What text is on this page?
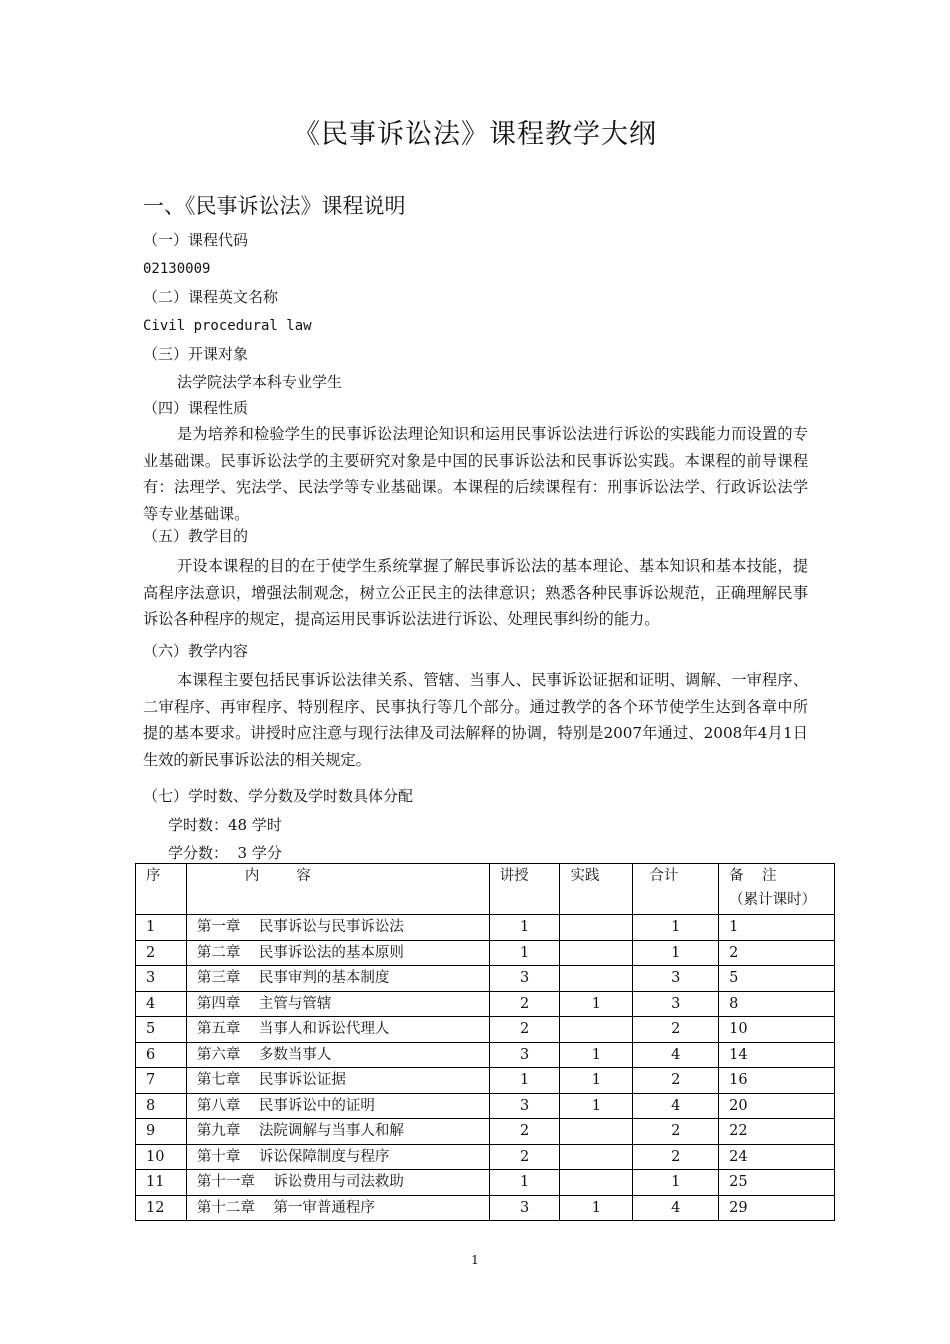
《民事诉讼法》课程教学大纲
一、《民事诉讼法》课程说明
（一）课程代码
02130009
（二）课程英文名称
Civil procedural law
（三）开课对象
法学院法学本科专业学生
（四）课程性质

是为培养和检验学生的民事诉讼法理论知识和运用民事诉讼法进行诉讼的实践能力而设置的专业基础课。民事诉讼法学的主要研究对象是中国的民事诉讼法和民事诉讼实践。本课程的前导课程有：法理学、宪法学、民法学等专业基础课。本课程的后续课程有：刑事诉讼法学、行政诉讼法学等专业基础课。

（五）教学目的

开设本课程的目的在于使学生系统掌握了解民事诉讼法的基本理论、基本知识和基本技能，提高程序法意识，增强法制观念，树立公正民主的法律意识；熟悉各种民事诉讼规范，正确理解民事诉讼各种程序的规定，提高运用民事诉讼法进行诉讼、处理民事纠纷的能力。

（六）教学内容

本课程主要包括民事诉讼法律关系、管辖、当事人、民事诉讼证据和证明、调解、一审程序、二审程序、再审程序、特别程序、民事执行等几个部分。通过教学的各个环节使学生达到各章中所提的基本要求。讲授时应注意与现行法律及司法解释的协调，特别是2007年通过、2008年4月1日生效的新民事诉讼法的相关规定。

（七）学时数、学分数及学时数具体分配
学时数：48 学时
学分数：  3 学分
序	内        容	讲授	实践	合计	备    注
（累计课时）

1	第一章    民事诉讼与民事诉讼法	1		1	1
2	第二章    民事诉讼法的基本原则	1		1	2
3	第三章    民事审判的基本制度	3		3	5
4	第四章    主管与管辖	2	1	3	8
5	第五章    当事人和诉讼代理人	2		2	10
6	第六章    多数当事人	3	1	4	14
7	第七章    民事诉讼证据	1	1	2	16
8	第八章    民事诉讼中的证明	3	1	4	20
9	第九章    法院调解与当事人和解	2		2	22
10	第十章    诉讼保障制度与程序	2		2	24
11	第十一章    诉讼费用与司法救助	1		1	25
12	第十二章    第一审普通程序	3	1	4	29
1
